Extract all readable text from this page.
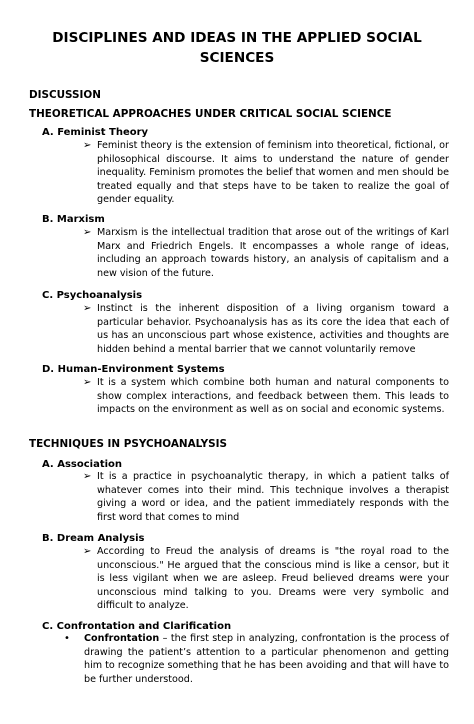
DISCIPLINES AND IDEAS IN THE APPLIED SOCIAL SCIENCES
DISCUSSION
THEORETICAL APPROACHES UNDER CRITICAL SOCIAL SCIENCE
A. Feminist Theory
➢ Feminist theory is the extension of feminism into theoretical, fictional, or philosophical discourse. It aims to understand the nature of gender inequality. Feminism promotes the belief that women and men should be treated equally and that steps have to be taken to realize the goal of gender equality.
B. Marxism
➢ Marxism is the intellectual tradition that arose out of the writings of Karl Marx and Friedrich Engels. It encompasses a whole range of ideas, including an approach towards history, an analysis of capitalism and a new vision of the future.
C. Psychoanalysis
➢ Instinct is the inherent disposition of a living organism toward a particular behavior. Psychoanalysis has as its core the idea that each of us has an unconscious part whose existence, activities and thoughts are hidden behind a mental barrier that we cannot voluntarily remove
D. Human-Environment Systems
➢ It is a system which combine both human and natural components to show complex interactions, and feedback between them. This leads to impacts on the environment as well as on social and economic systems.
TECHNIQUES IN PSYCHOANALYSIS
A. Association
➢ It is a practice in psychoanalytic therapy, in which a patient talks of whatever comes into their mind. This technique involves a therapist giving a word or idea, and the patient immediately responds with the first word that comes to mind
B. Dream Analysis
➢ According to Freud the analysis of dreams is "the royal road to the unconscious." He argued that the conscious mind is like a censor, but it is less vigilant when we are asleep. Freud believed dreams were your unconscious mind talking to you. Dreams were very symbolic and difficult to analyze.
C. Confrontation and Clarification
• Confrontation – the first step in analyzing, confrontation is the process of drawing the patient’s attention to a particular phenomenon and getting him to recognize something that he has been avoiding and that will have to be further understood.
